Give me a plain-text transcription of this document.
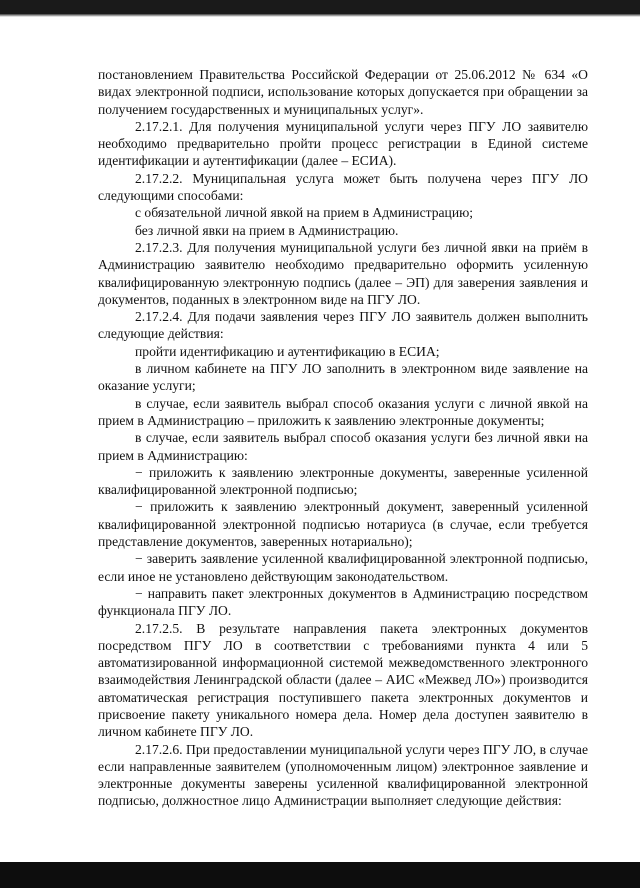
постановлением Правительства Российской Федерации от 25.06.2012 № 634 «О видах электронной подписи, использование которых допускается при обращении за получением государственных и муниципальных услуг».

2.17.2.1. Для получения муниципальной услуги через ПГУ ЛО заявителю необходимо предварительно пройти процесс регистрации в Единой системе идентификации и аутентификации (далее – ЕСИА).

2.17.2.2. Муниципальная услуга может быть получена через ПГУ ЛО следующими способами:

с обязательной личной явкой на прием в Администрацию;

без личной явки на прием в Администрацию.

2.17.2.3. Для получения муниципальной услуги без личной явки на приём в Администрацию заявителю необходимо предварительно оформить усиленную квалифицированную электронную подпись (далее – ЭП) для заверения заявления и документов, поданных в электронном виде на ПГУ ЛО.

2.17.2.4. Для подачи заявления через ПГУ ЛО заявитель должен выполнить следующие действия:

пройти идентификацию и аутентификацию в ЕСИА;

в личном кабинете на ПГУ ЛО заполнить в электронном виде заявление на оказание услуги;

в случае, если заявитель выбрал способ оказания услуги с личной явкой на прием в Администрацию – приложить к заявлению электронные документы;

в случае, если заявитель выбрал способ оказания услуги без личной явки на прием в Администрацию:

− приложить к заявлению электронные документы, заверенные усиленной квалифицированной электронной подписью;

− приложить к заявлению электронный документ, заверенный усиленной квалифицированной электронной подписью нотариуса (в случае, если требуется представление документов, заверенных нотариально);

− заверить заявление усиленной квалифицированной электронной подписью, если иное не установлено действующим законодательством.

− направить пакет электронных документов в Администрацию посредством функционала ПГУ ЛО.

2.17.2.5. В результате направления пакета электронных документов посредством ПГУ ЛО в соответствии с требованиями пункта 4 или 5 автоматизированной информационной системой межведомственного электронного взаимодействия Ленинградской области (далее – АИС «Межвед ЛО») производится автоматическая регистрация поступившего пакета электронных документов и присвоение пакету уникального номера дела. Номер дела доступен заявителю в личном кабинете ПГУ ЛО.

2.17.2.6. При предоставлении муниципальной услуги через ПГУ ЛО, в случае если направленные заявителем (уполномоченным лицом) электронное заявление и электронные документы заверены усиленной квалифицированной электронной подписью, должностное лицо Администрации выполняет следующие действия:
